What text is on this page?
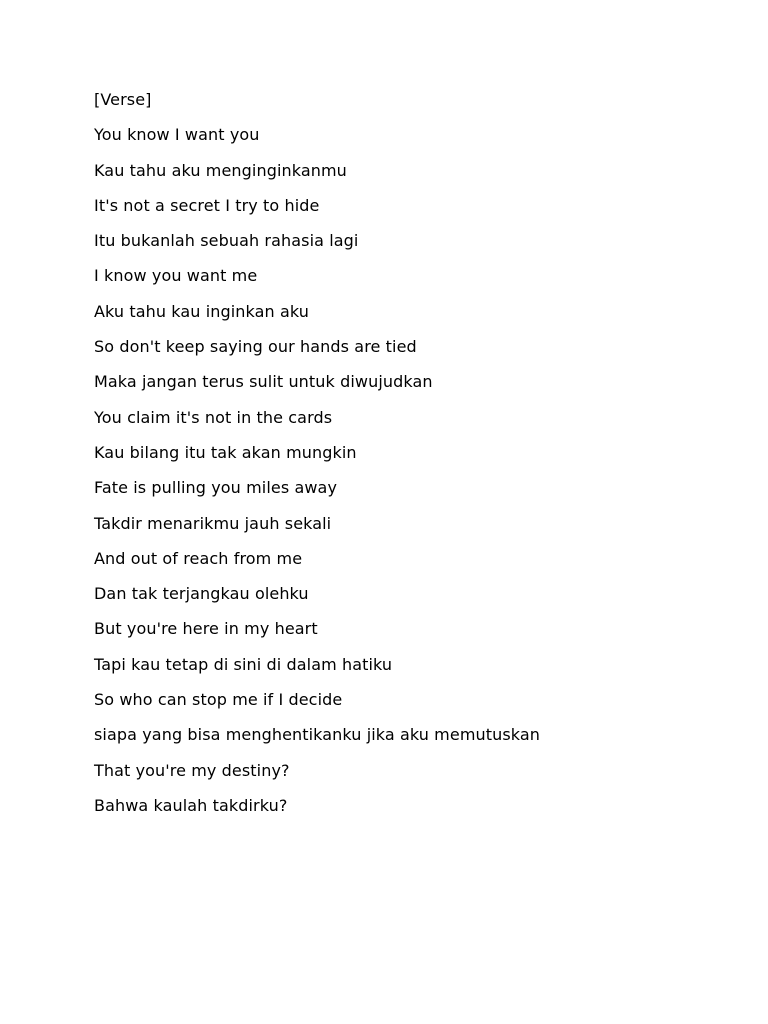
[Verse]
You know I want you
Kau tahu aku menginginkanmu
It's not a secret I try to hide
Itu bukanlah sebuah rahasia lagi
I know you want me
Aku tahu kau inginkan aku
So don't keep saying our hands are tied
Maka jangan terus sulit untuk diwujudkan
You claim it's not in the cards
Kau bilang itu tak akan mungkin
Fate is pulling you miles away
Takdir menarikmu jauh sekali
And out of reach from me
Dan tak terjangkau olehku
But you're here in my heart
Tapi kau tetap di sini di dalam hatiku
So who can stop me if I decide
siapa yang bisa menghentikanku jika aku memutuskan
That you're my destiny?
Bahwa kaulah takdirku?
